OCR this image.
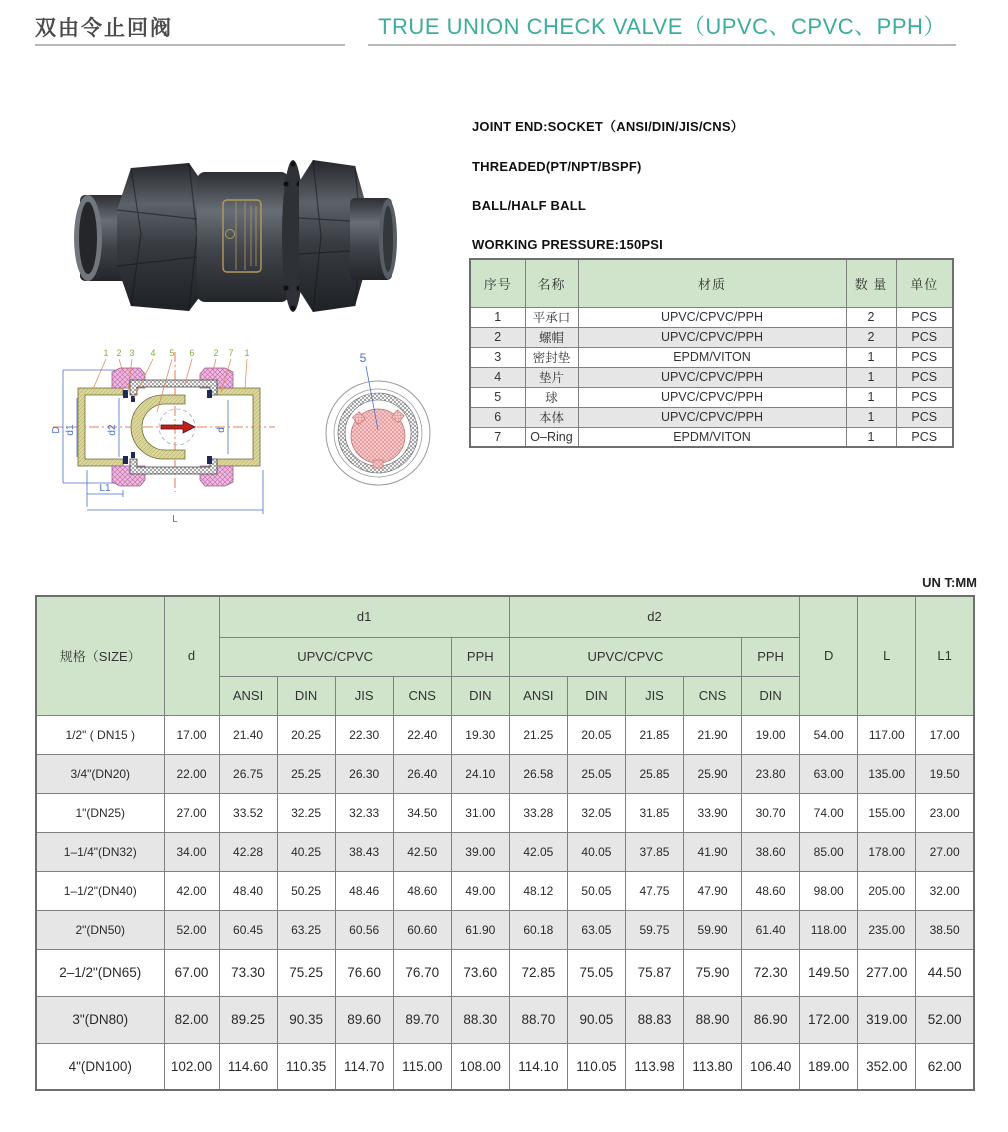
双由令止回阀	TRUE UNION CHECK VALVE（UPVC、CPVC、PPH）
JOINT END:SOCKET（ANSI/DIN/JIS/CNS）
THREADED(PT/NPT/BSPF)
BALL/HALF BALL
WORKING PRESSURE:150PSI
序号	名称	材质	数 量	单位
1	平承口	UPVC/CPVC/PPH	2	PCS
2	螺帽	UPVC/CPVC/PPH	2	PCS
3	密封垫	EPDM/VITON	1	PCS
4	垫片	UPVC/CPVC/PPH	1	PCS
5	球	UPVC/CPVC/PPH	1	PCS
6	本体	UPVC/CPVC/PPH	1	PCS
7	O–Ring	EPDM/VITON	1	PCS
1 2 3 4 5 6 2 7 1
D d1	d2	d
L1
L
5
UN T:MM
规格（SIZE）	d	d1					d2					D	L	L1
		UPVC/CPVC				PPH	UPVC/CPVC				PPH			
		ANSI	DIN	JIS	CNS	DIN	ANSI	DIN	JIS	CNS	DIN			
1/2" ( DN15 )	17.00	21.40	20.25	22.30	22.40	19.30	21.25	20.05	21.85	21.90	19.00	54.00	117.00	17.00
3/4"(DN20)	22.00	26.75	25.25	26.30	26.40	24.10	26.58	25.05	25.85	25.90	23.80	63.00	135.00	19.50
1"(DN25)	27.00	33.52	32.25	32.33	34.50	31.00	33.28	32.05	31.85	33.90	30.70	74.00	155.00	23.00
1–1/4"(DN32)	34.00	42.28	40.25	38.43	42.50	39.00	42.05	40.05	37.85	41.90	38.60	85.00	178.00	27.00
1–1/2"(DN40)	42.00	48.40	50.25	48.46	48.60	49.00	48.12	50.05	47.75	47.90	48.60	98.00	205.00	32.00
2"(DN50)	52.00	60.45	63.25	60.56	60.60	61.90	60.18	63.05	59.75	59.90	61.40	118.00	235.00	38.50
2–1/2"(DN65)	67.00	73.30	75.25	76.60	76.70	73.60	72.85	75.05	75.87	75.90	72.30	149.50	277.00	44.50
3"(DN80)	82.00	89.25	90.35	89.60	89.70	88.30	88.70	90.05	88.83	88.90	86.90	172.00	319.00	52.00
4"(DN100)	102.00	114.60	110.35	114.70	115.00	108.00	114.10	110.05	113.98	113.80	106.40	189.00	352.00	62.00
